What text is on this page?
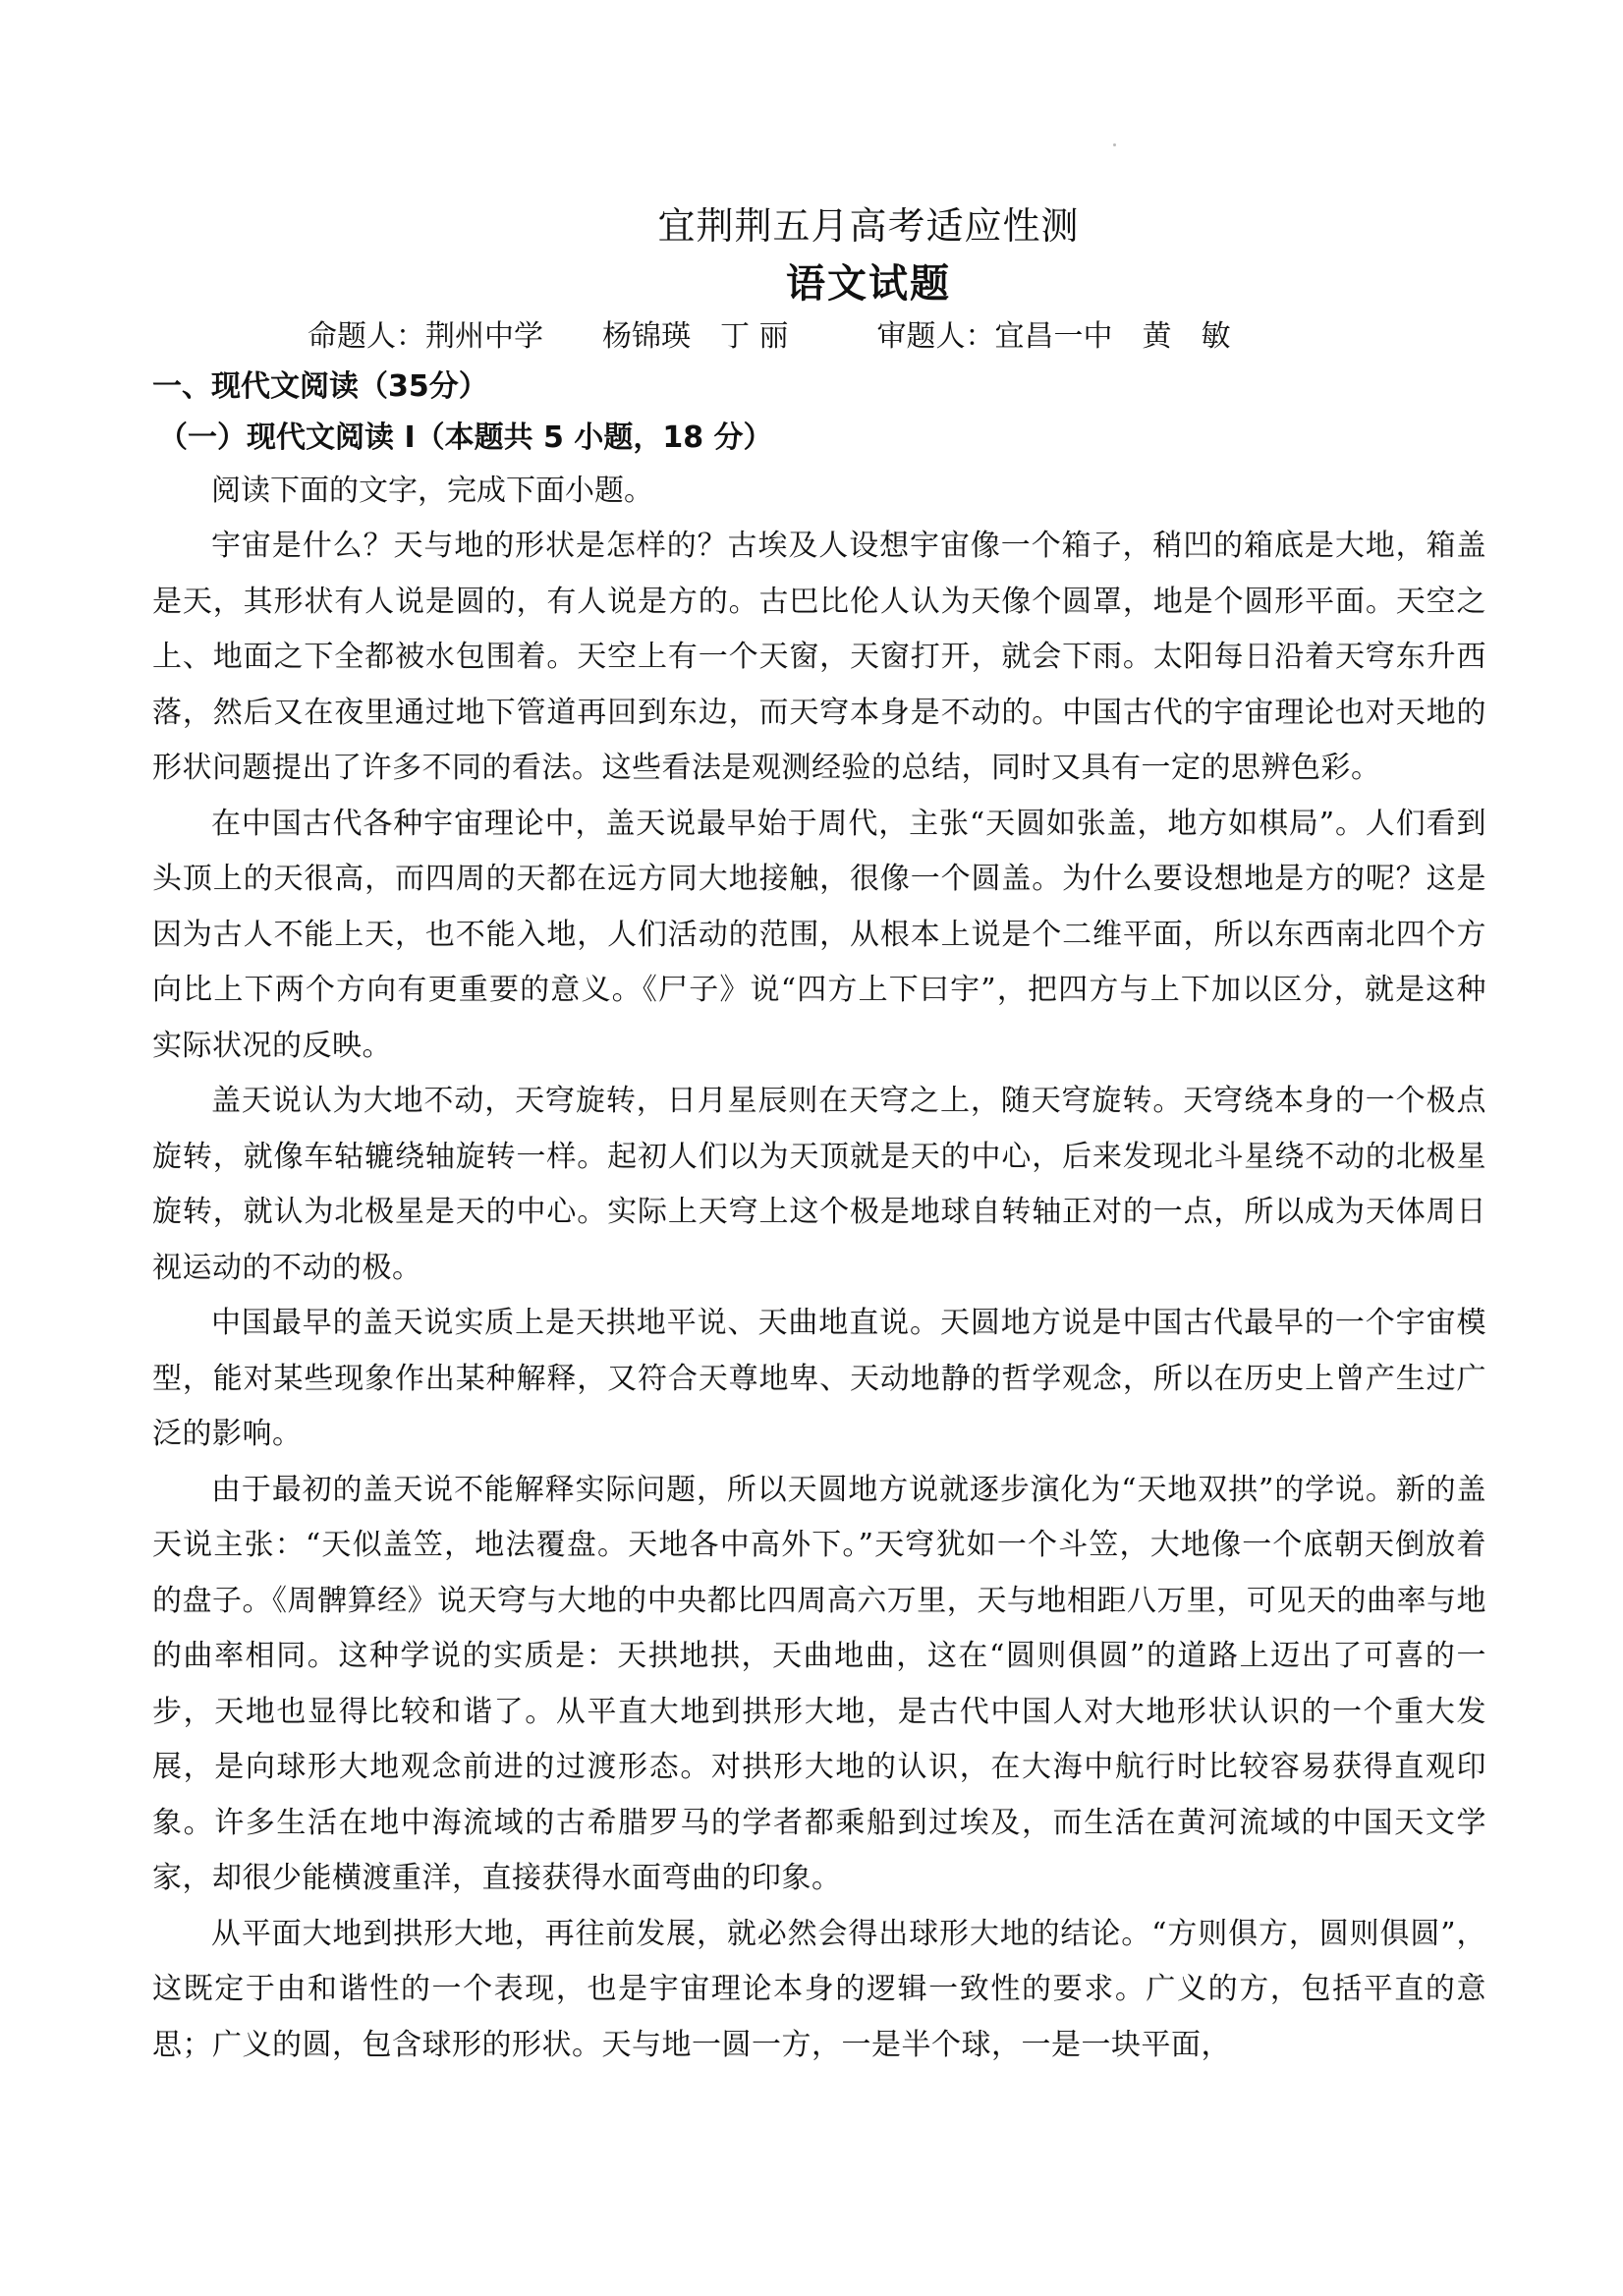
宜荆荆五月高考适应性测
语文试题
命题人：荆州中学　　杨锦瑛　丁 丽　　　审题人：宜昌一中　黄　敏
一、现代文阅读（35分）
（一）现代文阅读 I（本题共 5 小题，18 分）
阅读下面的文字，完成下面小题。

宇宙是什么？天与地的形状是怎样的？古埃及人设想宇宙像一个箱子，稍凹的箱底是大地，箱盖是天，其形状有人说是圆的，有人说是方的。古巴比伦人认为天像个圆罩，地是个圆形平面。天空之上、地面之下全都被水包围着。天空上有一个天窗，天窗打开，就会下雨。太阳每日沿着天穹东升西落，然后又在夜里通过地下管道再回到东边，而天穹本身是不动的。中国古代的宇宙理论也对天地的形状问题提出了许多不同的看法。这些看法是观测经验的总结，同时又具有一定的思辨色彩。

在中国古代各种宇宙理论中，盖天说最早始于周代，主张“天圆如张盖，地方如棋局”。人们看到头顶上的天很高，而四周的天都在远方同大地接触，很像一个圆盖。为什么要设想地是方的呢？这是因为古人不能上天，也不能入地，人们活动的范围，从根本上说是个二维平面，所以东西南北四个方向比上下两个方向有更重要的意义。《尸子》说“四方上下曰宇”，把四方与上下加以区分，就是这种实际状况的反映。

盖天说认为大地不动，天穹旋转，日月星辰则在天穹之上，随天穹旋转。天穹绕本身的一个极点旋转，就像车轱辘绕轴旋转一样。起初人们以为天顶就是天的中心，后来发现北斗星绕不动的北极星旋转，就认为北极星是天的中心。实际上天穹上这个极是地球自转轴正对的一点，所以成为天体周日视运动的不动的极。

中国最早的盖天说实质上是天拱地平说、天曲地直说。天圆地方说是中国古代最早的一个宇宙模型，能对某些现象作出某种解释，又符合天尊地卑、天动地静的哲学观念，所以在历史上曾产生过广泛的影响。

由于最初的盖天说不能解释实际问题，所以天圆地方说就逐步演化为“天地双拱”的学说。新的盖天说主张：“天似盖笠，地法覆盘。天地各中高外下。”天穹犹如一个斗笠，大地像一个底朝天倒放着的盘子。《周髀算经》说天穹与大地的中央都比四周高六万里，天与地相距八万里，可见天的曲率与地的曲率相同。这种学说的实质是：天拱地拱，天曲地曲，这在“圆则俱圆”的道路上迈出了可喜的一步，天地也显得比较和谐了。从平直大地到拱形大地，是古代中国人对大地形状认识的一个重大发展，是向球形大地观念前进的过渡形态。对拱形大地的认识，在大海中航行时比较容易获得直观印象。许多生活在地中海流域的古希腊罗马的学者都乘船到过埃及，而生活在黄河流域的中国天文学家，却很少能横渡重洋，直接获得水面弯曲的印象。

从平面大地到拱形大地，再往前发展，就必然会得出球形大地的结论。“方则俱方，圆则俱圆”，这既定于由和谐性的一个表现，也是宇宙理论本身的逻辑一致性的要求。广义的方，包括平直的意思；广义的圆，包含球形的形状。天与地一圆一方，一是半个球，一是一块平面，
